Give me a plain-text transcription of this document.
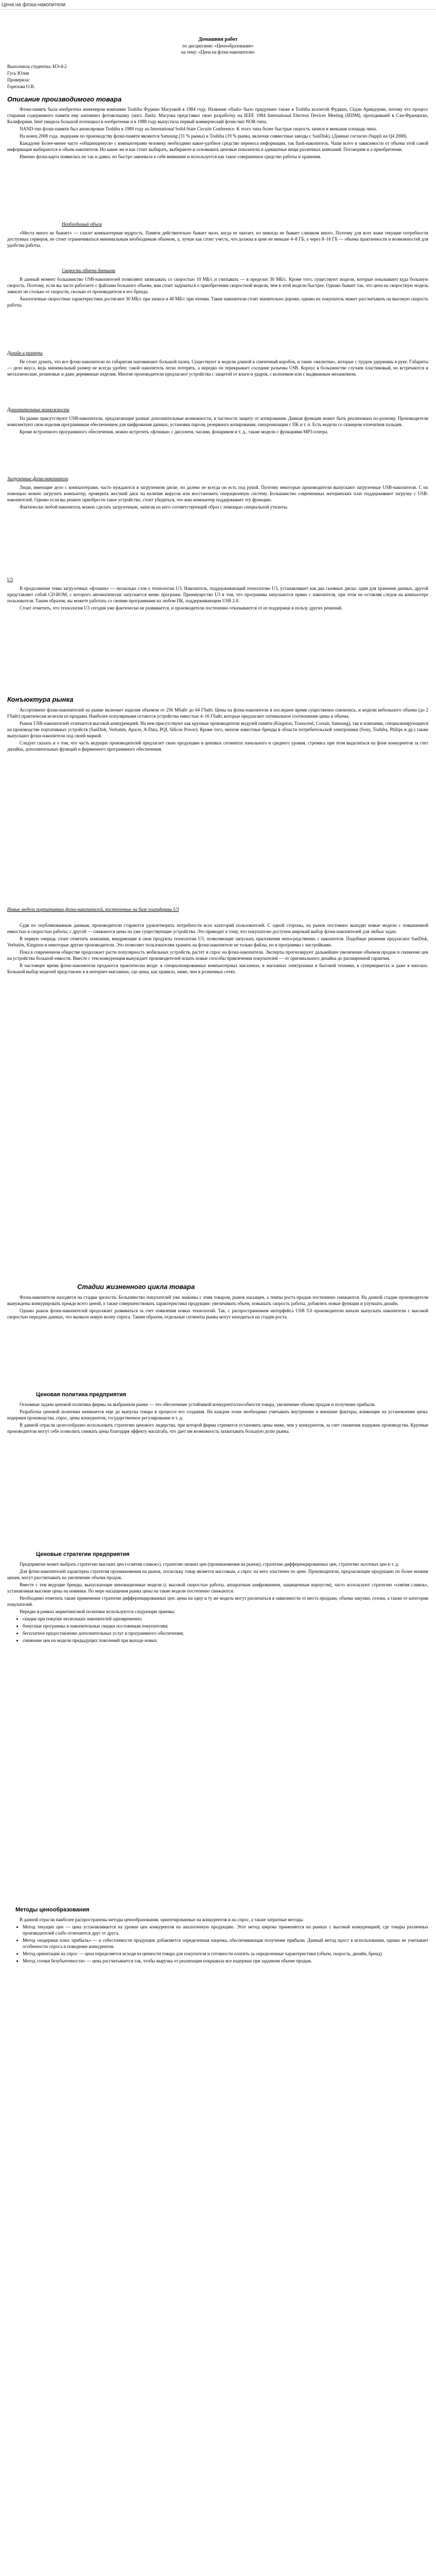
Цена на флэш-накопители
Домашняя работ
по дисциплине: «Ценообразование»
на тему: «Цена на флэш-накопители»
Выполнила студентка: ИЭ-4-2
Гусь Юлия
Проверила:
Горелова О.В.
Описание производимого товара

Флэш-память была изобретена инженером компании Toshiba Фуджио Масуокой в 1984 году. Название «flash» было придумано также в Toshiba коллегой Фуджио, Сёдзи Ариидзуми, потому что процесс стирания содержимого памяти ему напомнил фотовспышку (англ. flash). Масуока представил свою разработку на IEEE 1984 International Electron Devices Meeting (IEDM), проходившей в Сан-Франциско, Калифорния. Intel увидела большой потенциал в изобретении и в 1988 году выпустила первый коммерческий флэш-чип NOR-типа.

NAND-тип флэш-памяти был анонсирован Toshiba в 1989 году на International Solid-State Circuits Conference. К этого типа более быстрые скорость записи и меньшая площадь чипа.

На конец 2008 года, лидерами по производству флэш-памяти являются Samsung (31 % рынка) и Toshiba (19 % рынка, включая совместные заводы с SanDisk). (Данные согласно iSuppli на Q4 2008).

Кажддому Более-менее часто «общающемуся» с компьютерами человеку необходимо какое-удобное средство переноса информации, так flash-накопитель. Чаще всего в зависимости от объема этой самой информации выбираются и объем накопителя. Но какие же и как стоит выбирать, выбираюте и основывать ценовые показатели и адекватные вещи различных компаний. Поговорим и о приобретении.

Именно флэш-карта появилась не так и давно, но быстро завоевала к себе внимание и используется как такое совершенное средство работы и хранения.

Необходимый объем

«Места много не бывает» — гласит компьютерная мудрость. Памяти действительно бывает мало, когда ее хватает, но никогда не бывает слишком много. Поэтому для всех важи текущие потребности доступных серверов, не стоит ограничиваться минимальным необходимым объемом, а, лучше как стоит учесть, что должна в цене не меньше 4–8 ГБ, а через 8–16 ГБ — объема практичности и возможностей для удобства работы.

Скорость обмена данными

В данный момент большинство USB-накопителей позволяют записывать со скоростью 10 МБ/с и считывать — в пределах 30 МБ/с. Кроме того, существуют модели, которые показывают куда большую скорость. Поэтому, если вы часто работаете с файлами большого объема, вам стоит задуматься о приобретении скоростной модели, чем в этой модели быстрее. Однако бывает так, что цена на скоростную модель зависит не столько от скорости, сколько от производителя и его бренда.

Аналогичные скоростные характеристики достигают 30 МБ/с при записи и 40 МБ/с при чтении. Такие накопители стоят значительно дороже, однако их покупатель может рассчитывать на высокую скорость работы.

Дизайн и размеры

Не стоит думать, что все флэш-накопители по габаритам напоминают большой палец. Существуют и модели длиной в спичечный коробок, и такие «малютки», которые с трудом удержишь в руке. Габариты — дело вкуса, ведь минимальный размер не всегда удобен: такой накопитель легко потерять, а нередко он перекрывает соседние разъемы USB. Корпус в большинстве случаев пластиковый, но встречаются и металлические, резиновые и даже деревянные изделия. Многие производители предлагают устройства с защитой от влаги и ударов, с колпачком или с выдвижным механизмом.

Дополнительные возможности

На рынке присутствуют USB-накопители, предлагающие разные дополнительные возможности, в частности защиту от копирования. Данная функция может быть реализована по-разному. Производители комплектуют свои изделия программным обеспечением для шифрования данных, установки пароля, резервного копирования, синхронизации с ПК и т. п. Есть модели со сканером отпечатков пальцев.

Кроме встроенного программного обеспечения, можно встретить «флэшки» с дисплеем, часами, фонариком и т. д., также модели с функциями MP3-плеера.

Загрузочные флэш-накопители

Люди, имеющие дело с компьютерами, часто нуждаются в загрузочном диске, но далеко не всегда он есть под рукой. Поэтому некоторые производители выпускают загрузочные USB-накопители. С их помощью можно загрузить компьютер, проверить жесткий диск на наличие вирусов или восстановить операционную систему. Большинство современных материнских плат поддерживают загрузку с USB-накопителей. Однако если вы решите приобрести такое устройство, стоит убедиться, что ваш компьютер поддерживает эту функцию.

Фактически любой накопитель можно сделать загрузочным, записав на него соответствующий образ с помощью специальной утилиты.

U3

В продолжение темы загрузочных «флэшек» — несколько слов о технологии U3. Накопитель, поддерживающий технологию U3, устанавливает как два съемных диска: один для хранения данных, другой представляет собой CD-ROM, с которого автоматически запускается меню программ. Преимущество U3 в том, что программы запускаются прямо с накопителя, при этом не оставляя следов на компьютере пользователя. Таким образом, вы можете работать со своими программами на любом ПК, поддерживающем USB 2.0.

Стоит отметить, что технология U3 сегодня уже фактически не развивается, и производители постепенно отказываются от ее поддержки в пользу других решений.

Конъюктура рынка

Ассортимент флэш-накопителей на рынке включает изделия объемом от 256 Мбайт до 64 Гбайт. Цены на флэш-накопители в последнее время существенно снизились, и модели небольшого объема (до 2 Гбайт) практически исчезли из продажи. Наиболее популярными остаются устройства емкостью 4–16 Гбайт, которые предлагают оптимальное соотношение цены и объема.

Рынок USB-накопителей отличается высокой конкуренцией. На нем присутствуют как крупные производители модулей памяти (Kingston, Transcend, Corsair, Samsung), так и компании, специализирующиеся на производстве портативных устройств (SanDisk, Verbatim, Apacer, A-Data, PQI, Silicon Power). Кроме того, многие известные бренды в области потребительской электроники (Sony, Toshiba, Philips и др.) также выпускают флэш-накопители под своей маркой.

Следует сказать и о том, что часть ведущих производителей предлагает свою продукцию в ценовых сегментах начального и среднего уровня, стремясь при этом выделиться на фоне конкурентов за счет дизайна, дополнительных функций и фирменного программного обеспечения.

Новые модели портативных флэш-накопителей, построенные на базе платформы U3

Судя по опубликованным данным, производители стараются удовлетворить потребности всех категорий пользователей. С одной стороны, на рынок постоянно выходят новые модели с повышенной емкостью и скоростью работы, с другой — снижаются цены на уже существующие устройства. Это приводит к тому, что покупателю доступен широкий выбор флэш-накопителей для любых задач.

В первую очередь стоит отметить компании, внедряющие в свои продукты технологии U3, позволяющие запускать приложения непосредственно с накопителя. Подобные решения предлагают SanDisk, Verbatim, Kingston и некоторые другие производители. Это позволяет пользователям хранить на флэш-накопителе не только файлы, но и программы с настройками.

Пока в современном обществе продолжает расти популярность мобильных устройств, растет и спрос на флэш-накопители. Эксперты прогнозируют дальнейшее увеличение объемов продаж и снижение цен на устройства большой емкости. Вместе с тем конкуренция вынуждает производителей искать новые способы привлечения покупателей — от оригинального дизайна до расширенной гарантии.

В настоящее время флэш-накопители продаются практически везде: в специализированных компьютерных магазинах, в магазинах электроники и бытовой техники, в супермаркетах и даже в киосках. Большой выбор моделей представлен и в интернет-магазинах, где цены, как правило, ниже, чем в розничных сетях.

Стадии жизненного цикла товара

Флэш-накопители находятся на стадии зрелости. Большинство покупателей уже знакомы с этим товаром, рынок насыщен, а темпы роста продаж постепенно снижаются. На данной стадии производители вынуждены конкурировать прежде всего ценой, а также совершенствовать характеристики продукции: увеличивать объем, повышать скорость работы, добавлять новые функции и улучшать дизайн.

Однако рынок флэш-накопителей продолжает развиваться за счет появления новых технологий. Так, с распространением интерфейса USB 3.0 производители начали выпускать накопители с высокой скоростью передачи данных, что вызвало новую волну спроса. Таким образом, отдельные сегменты рынка могут находиться на стадии роста.

Ценовая политика предприятия

Основные задачи ценовой политики фирмы на выбранном рынке — это обеспечение устойчивой конкурентоспособности товара, увеличение объема продаж и получение прибыли.

Разработка ценовой политики начинается еще до выпуска товара в процессе его создания. На каждом этапе необходимо учитывать внутренние и внешние факторы, влияющие на установление цены: издержки производства, спрос, цены конкурентов, государственное регулирование и т. д.

В данной отрасли целесообразно использовать стратегию ценового лидерства, при которой фирма стремится установить цены ниже, чем у конкурентов, за счет снижения издержек производства. Крупные производители могут себе позволить снижать цены благодаря эффекту масштаба, что дает им возможность захватывать большую долю рынка.

Ценовые стратегии предприятия

Предприятие может выбрать стратегию высоких цен («снятия сливок»), стратегию низких цен (проникновения на рынок), стратегию дифференцированных цен, стратегию льготных цен и т. д.

Для флэш-накопителей характерна стратегия проникновения на рынок, поскольку товар является массовым, а спрос на него эластичен по цене. Производители, предлагающие продукцию по более низким ценам, могут рассчитывать на увеличение объема продаж.

Вместе с тем ведущие бренды, выпускающие инновационные модели (с высокой скоростью работы, аппаратным шифрованием, защищенным корпусом), часто используют стратегию «снятия сливок», устанавливая высокие цены на новинки. По мере насыщения рынка цены на такие модели постепенно снижаются.

Необходимо отметить также применение стратегии дифференцированных цен: цены на одну и ту же модель могут различаться в зависимости от места продажи, объема закупки, сезона, а также от категории покупателей.

Нередко в рамках маркетинговой политики используются следующие приемы:

• скидки при покупке нескольких накопителей одновременно;
• бонусные программы и накопительные скидки постоянным покупателям;
• бесплатное предоставление дополнительных услуг и программного обеспечения;
• снижение цен на модели предыдущих поколений при выходе новых.
Методы ценообразования

В данной отрасли наиболее распространены методы ценообразования, ориентированные на конкурентов и на спрос, а также затратные методы.

• Метод текущих цен — цена устанавливается на уровне цен конкурентов на аналогичную продукцию. Этот метод широко применяется на рынках с высокой конкуренцией, где товары различных производителей слабо отличаются друг от друга.
• Метод «издержки плюс прибыль» — к себестоимости продукции добавляется определенная наценка, обеспечивающая получение прибыли. Данный метод прост в использовании, однако не учитывает особенности спроса и поведение конкурентов.
• Метод ориентации на спрос — цена определяется исходя из ценности товара для покупателя и готовности платить за определенные характеристики (объем, скорость, дизайн, бренд).
• Метод «точки безубыточности» — цена рассчитывается так, чтобы выручка от реализации покрывала все издержки при заданном объеме продаж.
